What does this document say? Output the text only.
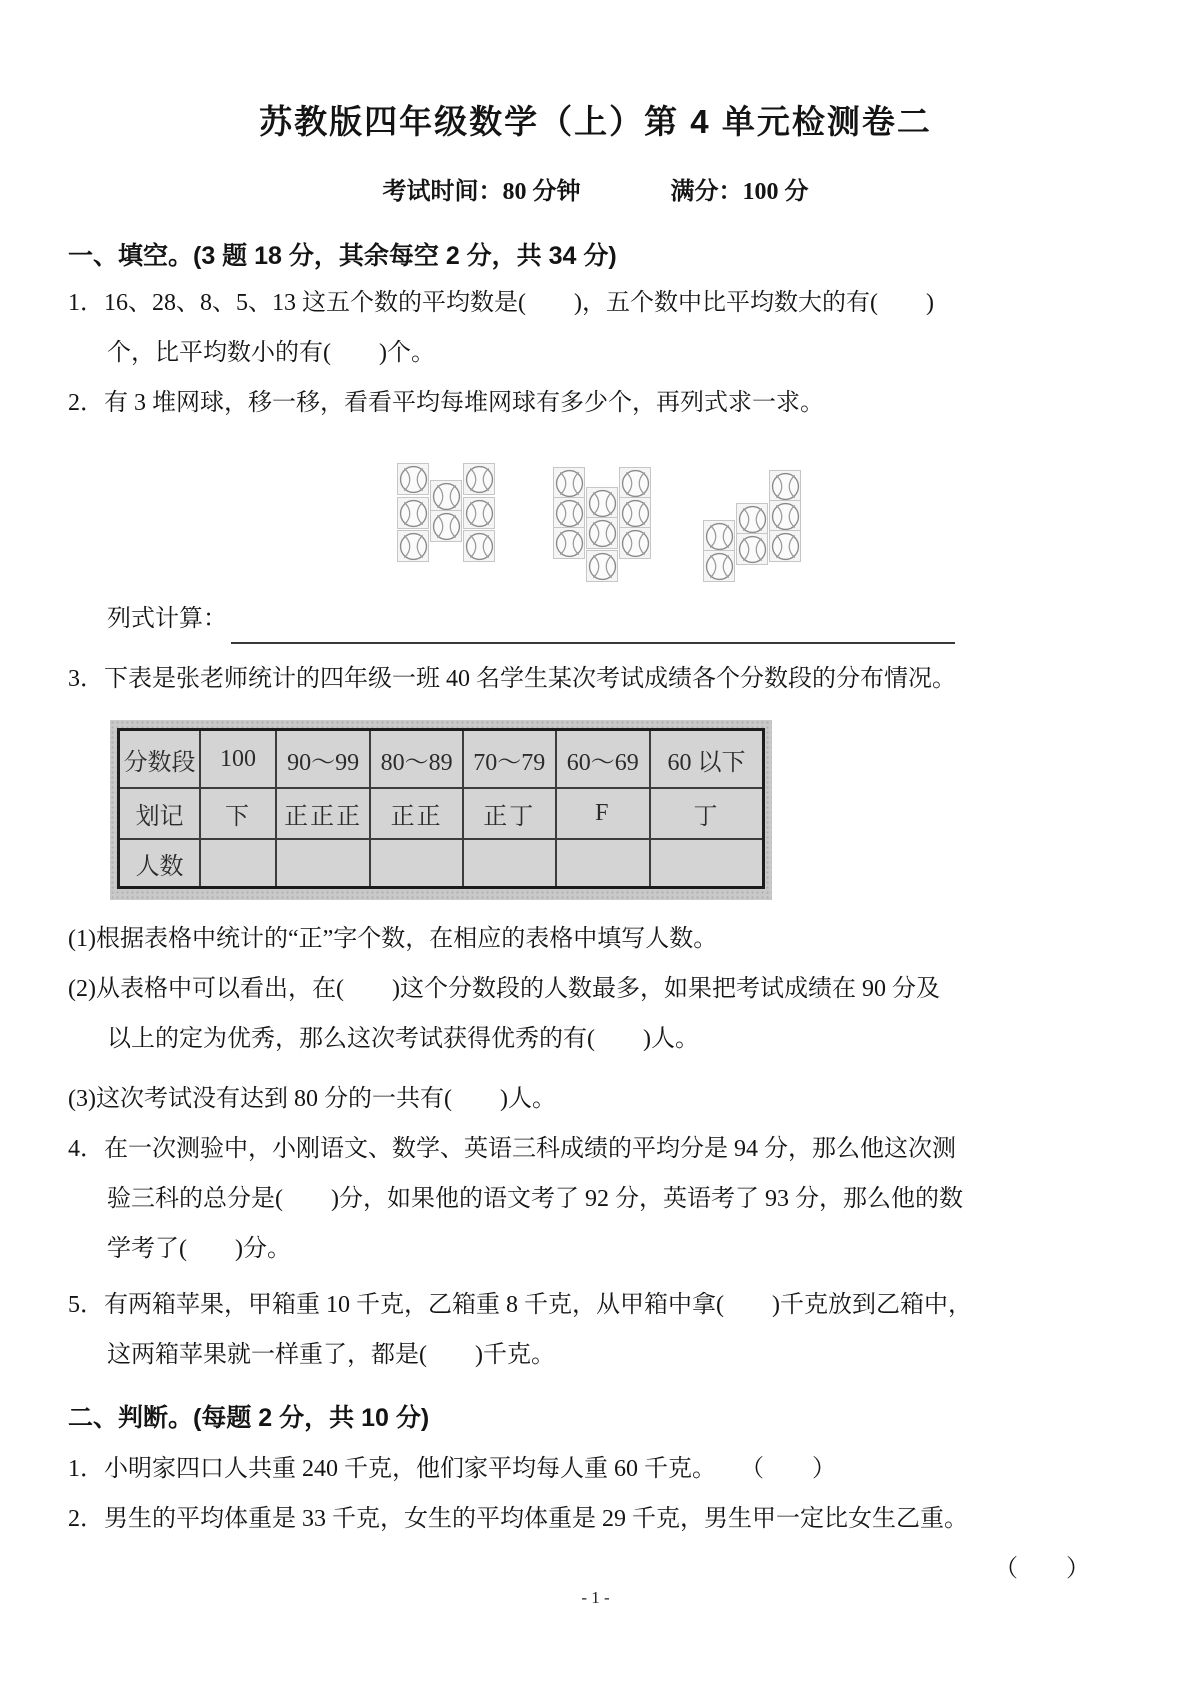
苏教版四年级数学（上）第 4 单元检测卷二
考试时间：80 分钟	满分：100 分
一、填空。(3 题 18 分，其余每空 2 分，共 34 分)
1．16、28、8、5、13 这五个数的平均数是(　　)，五个数中比平均数大的有(　　)
个，比平均数小的有(　　)个。
2．有 3 堆网球，移一移，看看平均每堆网球有多少个，再列式求一求。
列式计算：
3．下表是张老师统计的四年级一班 40 名学生某次考试成绩各个分数段的分布情况。
分数段	100	90～99	80～89	70～79	60～69	60 以下
划记	下	正正正	正正	正丁	F	丁
人数						
(1)根据表格中统计的“正”字个数，在相应的表格中填写人数。
(2)从表格中可以看出，在(　　)这个分数段的人数最多，如果把考试成绩在 90 分及
以上的定为优秀，那么这次考试获得优秀的有(　　)人。
(3)这次考试没有达到 80 分的一共有(　　)人。
4．在一次测验中，小刚语文、数学、英语三科成绩的平均分是 94 分，那么他这次测
验三科的总分是(　　)分，如果他的语文考了 92 分，英语考了 93 分，那么他的数
学考了(　　)分。
5．有两箱苹果，甲箱重 10 千克，乙箱重 8 千克，从甲箱中拿(　　)千克放到乙箱中，
这两箱苹果就一样重了，都是(　　)千克。
二、判断。(每题 2 分，共 10 分)
1．小明家四口人共重 240 千克，他们家平均每人重 60 千克。　　（　　）
2．男生的平均体重是 33 千克，女生的平均体重是 29 千克，男生甲一定比女生乙重。
（　　）
- 1 -
